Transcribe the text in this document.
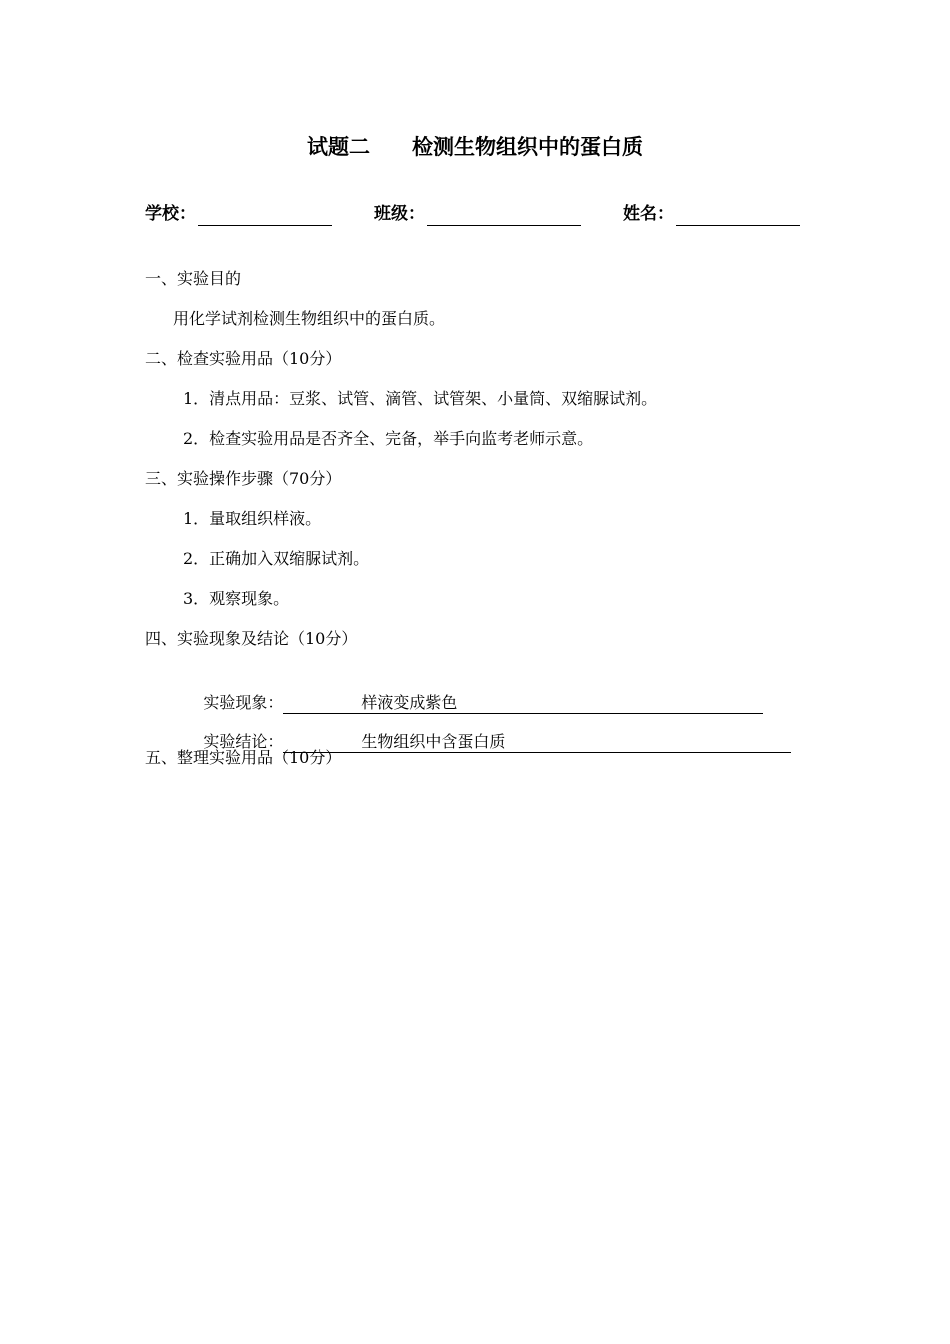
试题二　　检测生物组织中的蛋白质
学校：	班级：	姓名：
一、实验目的
用化学试剂检测生物组织中的蛋白质。
二、检查实验用品（10分）
1．清点用品：豆浆、试管、滴管、试管架、小量筒、双缩脲试剂。
2．检查实验用品是否齐全、完备，举手向监考老师示意。
三、实验操作步骤（70分）
1．量取组织样液。
2．正确加入双缩脲试剂。
3．观察现象。
四、实验现象及结论（10分）

实验现象：	样液变成紫色

实验结论：	生物组织中含蛋白质

五、整理实验用品（10分）
